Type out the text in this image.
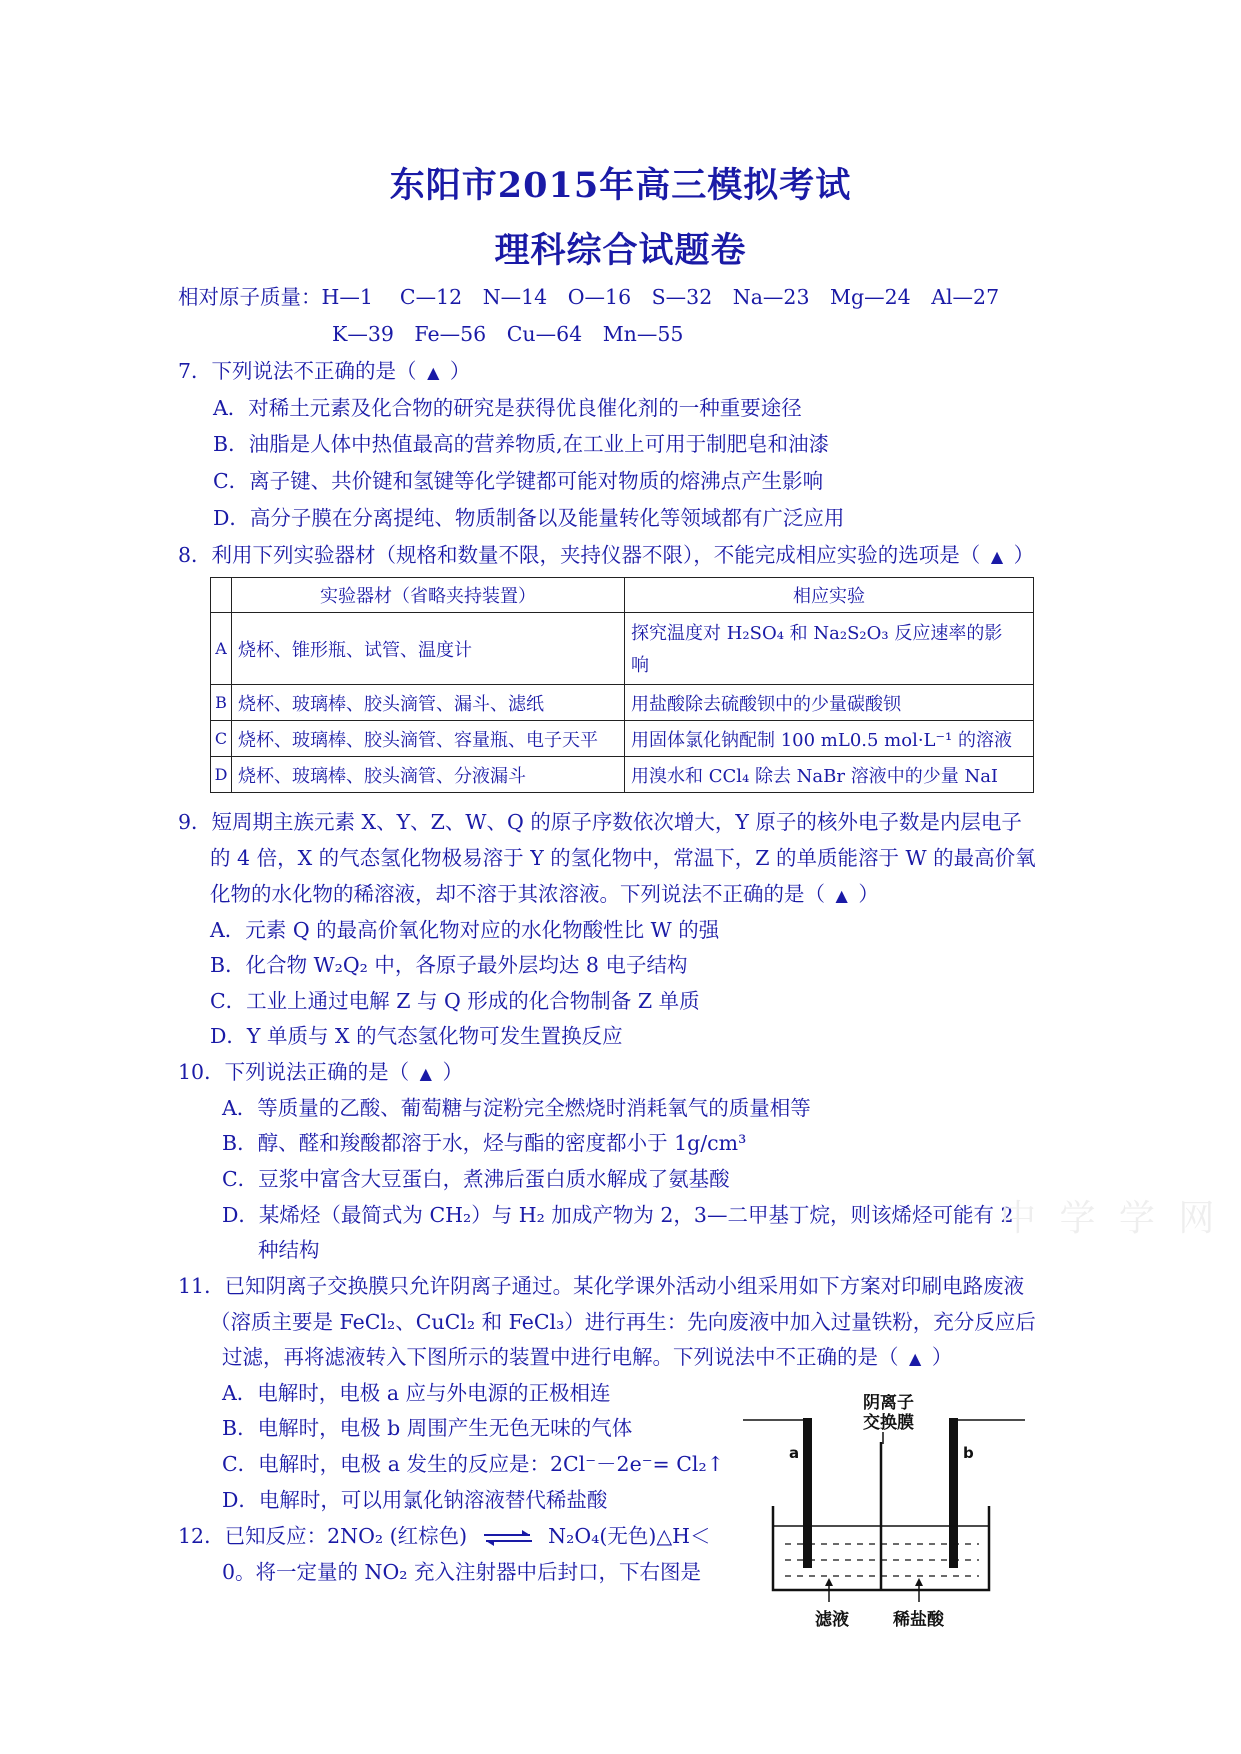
东阳市2015年高三模拟考试
理科综合试题卷
相对原子质量：H—1　 C—12　N—14　O—16　S—32　Na—23　Mg—24　Al—27
K—39　Fe—56　Cu—64　Mn—55
7．下列说法不正确的是（ ▲ ）
A．对稀土元素及化合物的研究是获得优良催化剂的一种重要途径
B．油脂是人体中热值最高的营养物质,在工业上可用于制肥皂和油漆
C．离子键、共价键和氢键等化学键都可能对物质的熔沸点产生影响
D．高分子膜在分离提纯、物质制备以及能量转化等领域都有广泛应用
8．利用下列实验器材（规格和数量不限，夹持仪器不限），不能完成相应实验的选项是（ ▲ ）
	实验器材（省略夹持装置）	相应实验
A	烧杯、锥形瓶、试管、温度计	探究温度对 H₂SO₄ 和 Na₂S₂O₃ 反应速率的影
响

B	烧杯、玻璃棒、胶头滴管、漏斗、滤纸	用盐酸除去硫酸钡中的少量碳酸钡
C	烧杯、玻璃棒、胶头滴管、容量瓶、电子天平	用固体氯化钠配制 100 mL0.5 mol·L⁻¹ 的溶液
D	烧杯、玻璃棒、胶头滴管、分液漏斗	用溴水和 CCl₄ 除去 NaBr 溶液中的少量 NaI
9．短周期主族元素 X、Y、Z、W、Q 的原子序数依次增大，Y 原子的核外电子数是内层电子
的 4 倍，X 的气态氢化物极易溶于 Y 的氢化物中，常温下，Z 的单质能溶于 W 的最高价氧
化物的水化物的稀溶液，却不溶于其浓溶液。下列说法不正确的是（ ▲ ）
A．元素 Q 的最高价氧化物对应的水化物酸性比 W 的强
B．化合物 W₂Q₂ 中，各原子最外层均达 8 电子结构
C．工业上通过电解 Z 与 Q 形成的化合物制备 Z 单质
D．Y 单质与 X 的气态氢化物可发生置换反应
10．下列说法正确的是（ ▲ ）
A．等质量的乙酸、葡萄糖与淀粉完全燃烧时消耗氧气的质量相等
B．醇、醛和羧酸都溶于水，烃与酯的密度都小于 1g/cm³
C．豆浆中富含大豆蛋白，煮沸后蛋白质水解成了氨基酸
D．某烯烃（最简式为 CH₂）与 H₂ 加成产物为 2，3—二甲基丁烷，则该烯烃可能有 2
种结构
中 学 学 网
11．已知阴离子交换膜只允许阴离子通过。某化学课外活动小组采用如下方案对印刷电路废液
（溶质主要是 FeCl₂、CuCl₂ 和 FeCl₃）进行再生：先向废液中加入过量铁粉，充分反应后
过滤，再将滤液转入下图所示的装置中进行电解。下列说法中不正确的是（ ▲ ）
A．电解时，电极 a 应与外电源的正极相连
B．电解时，电极 b 周围产生无色无味的气体
C．电解时，电极 a 发生的反应是：2Cl⁻－2e⁻= Cl₂↑
D．电解时，可以用氯化钠溶液替代稀盐酸
阴离子
交换膜
a	b
滤液	稀盐酸
12．已知反应：2NO₂ (红棕色) ⇌ N₂O₄(无色)△H＜
0。将一定量的 NO₂ 充入注射器中后封口，下右图是
